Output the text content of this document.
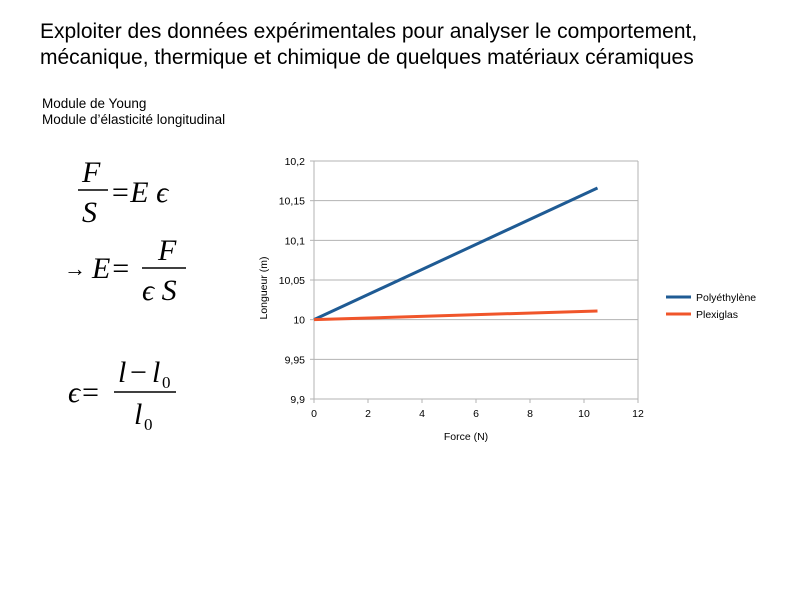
Exploiter des données expérimentales pour analyser le comportement,
mécanique, thermique et chimique de quelques matériaux céramiques
Module de Young
Module d’élasticité longitudinal
F
S
=E ϵ
→ E=
F
ϵ S
ϵ=
l − l 0
l 0
9,9
9,95
10
10,05
10,1
10,15
10,2
0	2	4	6	8	10	12
Force (N)
Longueur (m)	Polyéthylène
Plexiglas
